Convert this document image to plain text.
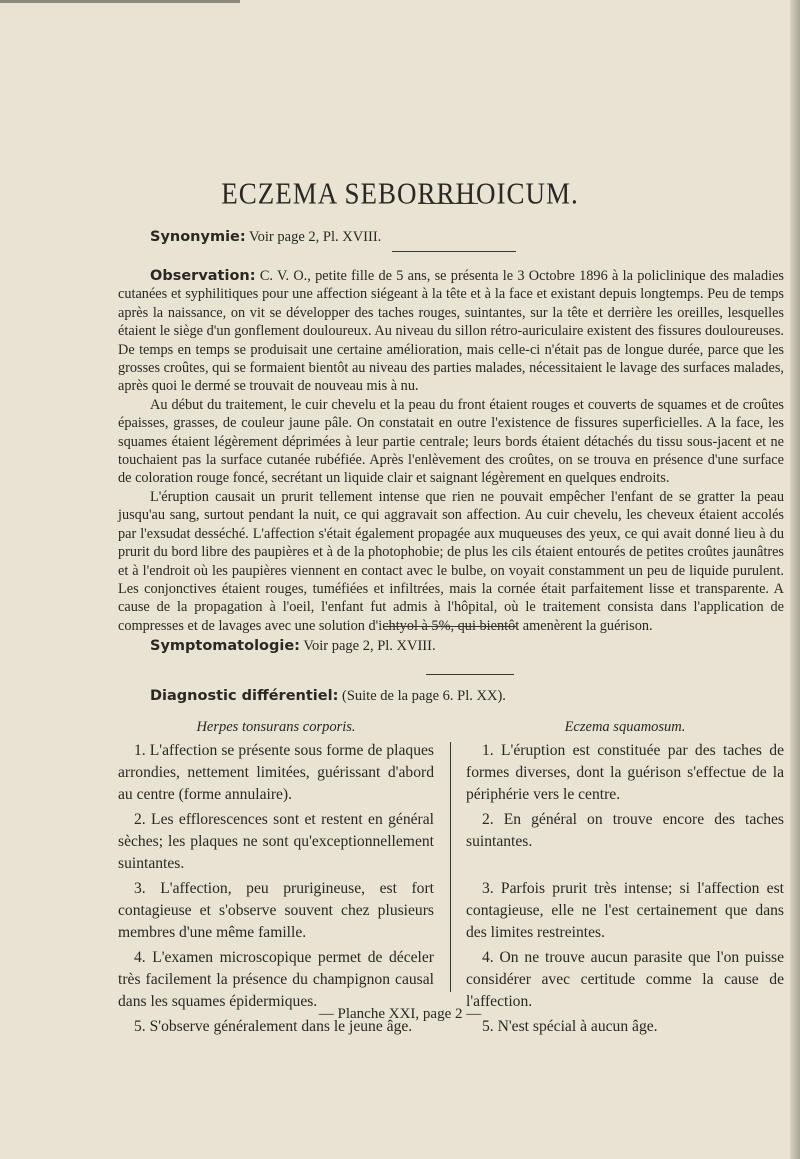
ECZEMA SEBORRHOICUM.
Synonymie: Voir page 2, Pl. XVIII.

Observation: C. V. O., petite fille de 5 ans, se présenta le 3 Octobre 1896 à la policlinique des maladies cutanées et syphilitiques pour une affection siégeant à la tête et à la face et existant depuis longtemps. Peu de temps après la naissance, on vit se développer des taches rouges, suintantes, sur la tête et derrière les oreilles, lesquelles étaient le siège d'un gonflement douloureux. Au niveau du sillon rétro-auriculaire existent des fissures douloureuses. De temps en temps se produisait une certaine amélioration, mais celle-ci n'était pas de longue durée, parce que les grosses croûtes, qui se formaient bientôt au niveau des parties malades, nécessitaient le lavage des surfaces malades, après quoi le dermé se trouvait de nouveau mis à nu.

Au début du traitement, le cuir chevelu et la peau du front étaient rouges et couverts de squames et de croûtes épaisses, grasses, de couleur jaune pâle. On constatait en outre l'existence de fissures superficielles. A la face, les squames étaient légèrement déprimées à leur partie centrale; leurs bords étaient détachés du tissu sous-jacent et ne touchaient pas la surface cutanée rubéfiée. Après l'enlèvement des croûtes, on se trouva en présence d'une surface de coloration rouge foncé, secrétant un liquide clair et saignant légèrement en quelques endroits.

L'éruption causait un prurit tellement intense que rien ne pouvait empêcher l'enfant de se gratter la peau jusqu'au sang, surtout pendant la nuit, ce qui aggravait son affection. Au cuir chevelu, les cheveux étaient accolés par l'exsudat desséché. L'affection s'était également propagée aux muqueuses des yeux, ce qui avait donné lieu à du prurit du bord libre des paupières et à de la photophobie; de plus les cils étaient entourés de petites croûtes jaunâtres et à l'endroit où les paupières viennent en contact avec le bulbe, on voyait constamment un peu de liquide purulent. Les conjonctives étaient rouges, tuméfiées et infiltrées, mais la cornée était parfaitement lisse et transparente. A cause de la propagation à l'oeil, l'enfant fut admis à l'hôpital, où le traitement consista dans l'application de compresses et de lavages avec une solution d'ichtyol à 5%, qui bientôt amenèrent la guérison.

Symptomatologie: Voir page 2, Pl. XVIII.
Diagnostic différentiel: (Suite de la page 6. Pl. XX).
Herpes tonsurans corporis.

1. L'affection se présente sous forme de plaques arrondies, nettement limitées, guérissant d'abord au centre (forme annulaire).

2. Les efflorescences sont et restent en général sèches; les plaques ne sont qu'exceptionnellement suintantes.

3. L'affection, peu prurigineuse, est fort contagieuse et s'observe souvent chez plusieurs membres d'une même famille.

4. L'examen microscopique permet de déceler très facilement la présence du champignon causal dans les squames épidermiques.

5. S'observe généralement dans le jeune âge.

Eczema squamosum.

1. L'éruption est constituée par des taches de formes diverses, dont la guérison s'effectue de la périphérie vers le centre.

2. En général on trouve encore des taches suintantes.

3. Parfois prurit très intense; si l'affection est contagieuse, elle ne l'est certainement que dans des limites restreintes.

4. On ne trouve aucun parasite que l'on puisse considérer avec certitude comme la cause de l'affection.

5. N'est spécial à aucun âge.

— Planche XXI, page 2 —
